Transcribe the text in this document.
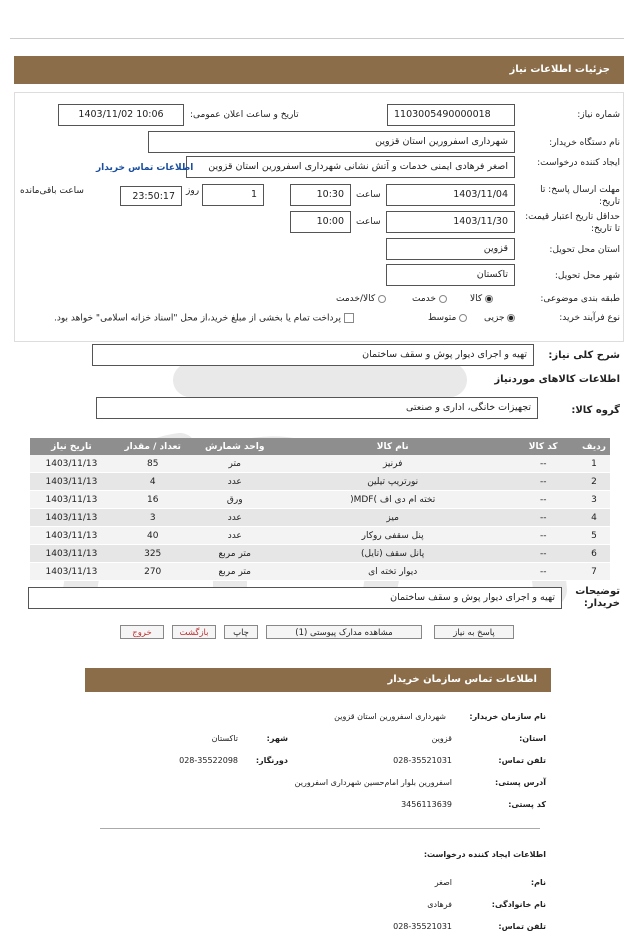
جزئیات اطلاعات نیاز
شماره نیاز:
1103005490000018
تاریخ و ساعت اعلان عمومی:
1403/11/02 10:06
نام دستگاه خریدار:
شهرداری اسفرورین استان قزوین
ایجاد کننده درخواست:
اصغر فرهادی ایمنی خدمات و آتش نشانی شهرداری اسفرورین استان قزوین
اطلاعات تماس خریدار
مهلت ارسال پاسخ: تا تاریخ:
1403/11/04
ساعت
10:30
1
روز
23:50:17
ساعت باقی‌مانده
حداقل تاریخ اعتبار قیمت: تا تاریخ:
1403/11/30
ساعت
10:00
استان محل تحویل:
قزوین
شهر محل تحویل:
تاکستان
طبقه بندی موضوعی:
کالا
خدمت
کالا/خدمت
نوع فرآیند خرید:
جزیی
متوسط
پرداخت تمام یا بخشی از مبلغ خرید،از محل "اسناد خزانه اسلامی" خواهد بود.
شرح کلی نیاز:
تهیه و اجرای دیوار پوش و سقف ساختمان
اطلاعات کالاهای موردنیاز
گروه کالا:
تجهیزات خانگی، اداری و صنعتی
ردیف	کد کالا	نام کالا	واحد شمارش	تعداد / مقدار	تاریخ نیاز
1	--	فرنیز	متر	85	1403/11/13
2	--	نورتریپ تیلین	عدد	4	1403/11/13
3	--	تخته ام دی اف )MDF(	ورق	16	1403/11/13
4	--	میز	عدد	3	1403/11/13
5	--	پنل سقفی روکار	عدد	40	1403/11/13
6	--	پانل سقف (تایل)	متر مربع	325	1403/11/13
7	--	دیوار تخته ای	متر مربع	270	1403/11/13
توضیحات خریدار:
تهیه و اجرای دیوار پوش و سقف ساختمان
پاسخ به نیاز
مشاهده مدارک پیوستی (1)
چاپ
بازگشت
خروج
اطلاعات تماس سازمان خریدار
نام سازمان خریدار:
شهرداری اسفرورین استان قزوین
استان:
قزوین
شهر:
تاکستان
تلفن تماس:
028-35521031
دورنگار:
028-35522098
آدرس پستی:
اسفرورین بلوار امام‌حسین شهرداری اسفرورین
کد پستی:
3456113639
اطلاعات ایجاد کننده درخواست:
نام:
اصغر
نام خانوادگی:
فرهادی
تلفن تماس:
028-35521031
